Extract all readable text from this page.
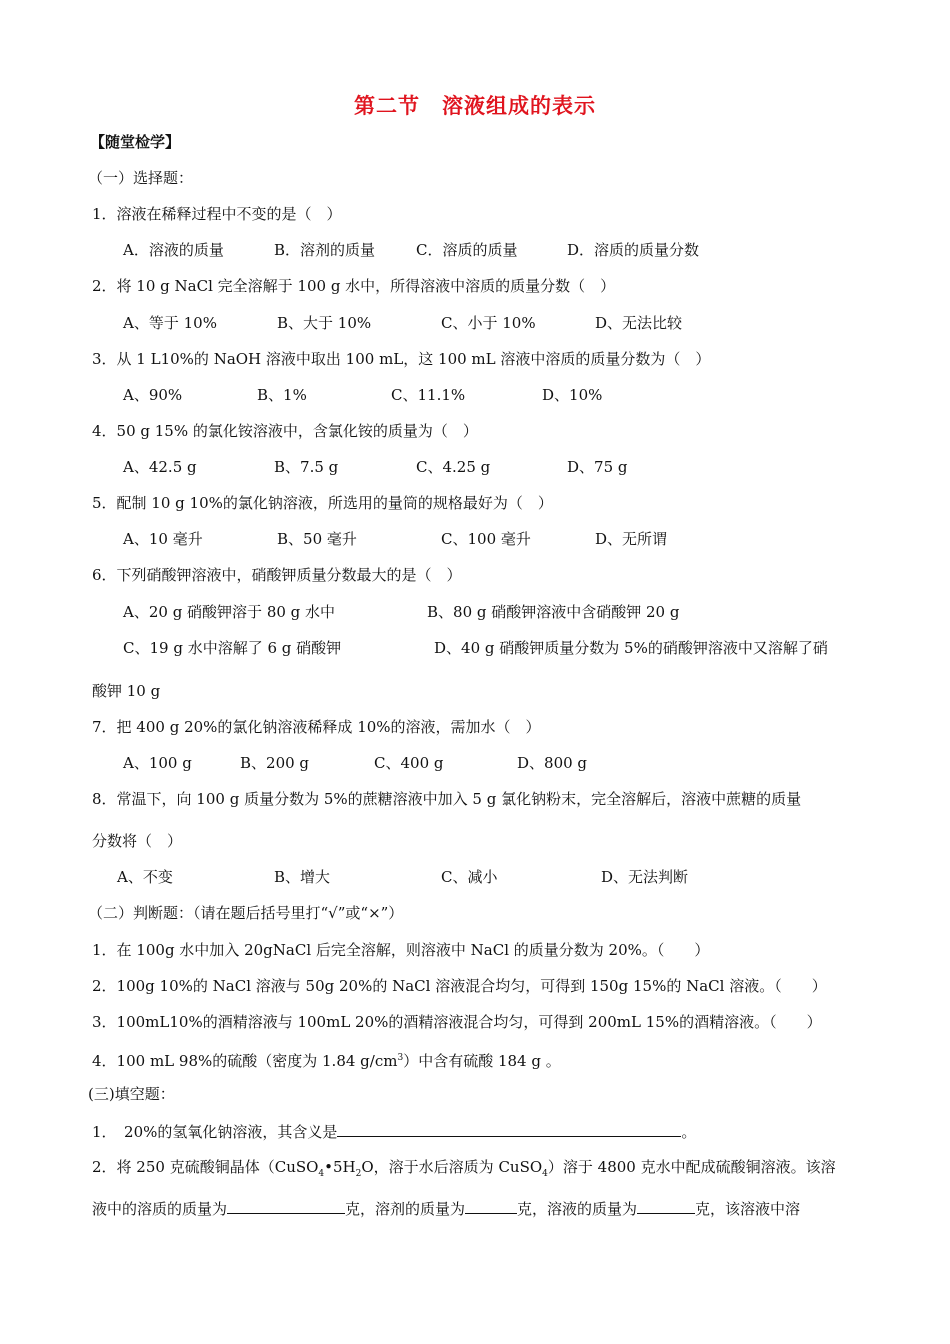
第二节　溶液组成的表示
【随堂检学】
（一）选择题：
1．溶液在稀释过程中不变的是（　）
A．溶液的质量	B．溶剂的质量	C．溶质的质量	D．溶质的质量分数
2．将 10 g NaCl 完全溶解于 100 g 水中，所得溶液中溶质的质量分数（　）
A、等于 10%	B、大于 10%	C、小于 10%	D、无法比较
3．从 1 L10%的 NaOH 溶液中取出 100 mL，这 100 mL 溶液中溶质的质量分数为（　）
A、90%	B、1%	C、11.1%	D、10%
4．50 g 15% 的氯化铵溶液中，含氯化铵的质量为（　）
A、42.5 g	B、7.5 g	C、4.25 g	D、75 g
5．配制 10 g 10%的氯化钠溶液，所选用的量筒的规格最好为（　）
A、10 毫升	B、50 毫升	C、100 毫升	D、无所谓
6．下列硝酸钾溶液中，硝酸钾质量分数最大的是（　）
A、20 g 硝酸钾溶于 80 g 水中	B、80 g 硝酸钾溶液中含硝酸钾 20 g
C、19 g 水中溶解了 6 g 硝酸钾	D、40 g 硝酸钾质量分数为 5%的硝酸钾溶液中又溶解了硝
酸钾 10 g
7．把 400 g 20%的氯化钠溶液稀释成 10%的溶液，需加水（　）
A、100 g	B、200 g	C、400 g	D、800 g
8．常温下，向 100 g 质量分数为 5%的蔗糖溶液中加入 5 g 氯化钠粉末，完全溶解后，溶液中蔗糖的质量
分数将（　）
A、不变	B、增大	C、减小	D、无法判断
（二）判断题：（请在题后括号里打“√”或“×”）
1．在 100g 水中加入 20gNaCl 后完全溶解，则溶液中 NaCl 的质量分数为 20%。（　　）
2．100g 10%的 NaCl 溶液与 50g 20%的 NaCl 溶液混合均匀，可得到 150g 15%的 NaCl 溶液。（　　）
3．100mL10%的酒精溶液与 100mL 20%的酒精溶液混合均匀，可得到 200mL 15%的酒精溶液。（　　）
4．100 mL 98%的硫酸（密度为 1.84 $g/cm^3$）中含有硫酸 184 g 。
(三)填空题：
1．　20%的氢氧化钠溶液，其含义是	。
2．将 250 克硫酸铜晶体（$CuSO_4•5H_2O$，溶于水后溶质为 CuSO$_4$）溶于 4800 克水中配成硫酸铜溶液。该溶
液中的溶质的质量为	克，溶剂的质量为	克，溶液的质量为	克，该溶液中溶
